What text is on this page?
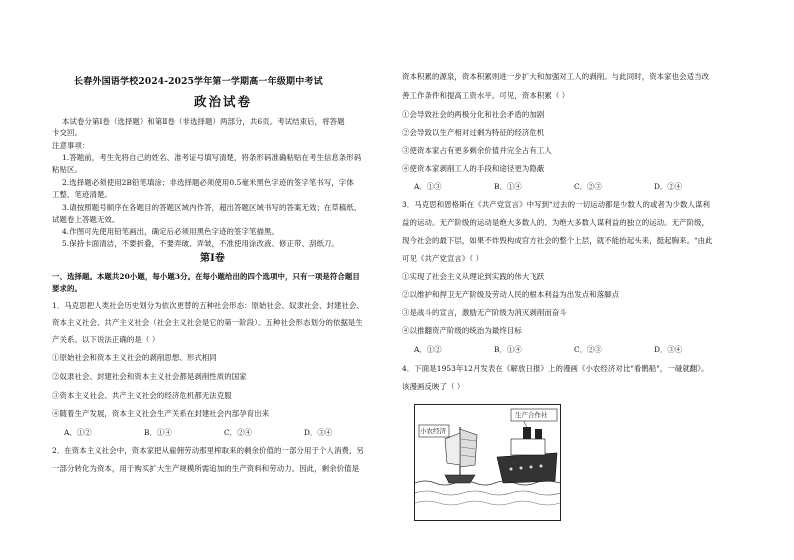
长春外国语学校2024-2025学年第一学期高一年级期中考试
政治试卷
本试卷分第Ⅰ卷（选择题）和第Ⅱ卷（非选择题）两部分，共6页。考试结束后，将答题
卡交回。
注意事项：
1.答题前，考生先将自己的姓名、准考证号填写清楚，将条形码准确粘贴在考生信息条形码
粘贴区。
2.选择题必须使用2B铅笔填涂；非选择题必须使用0.5毫米黑色字迹的签字笔书写，字体
工整、笔迹清楚。
3.请按照题号顺序在各题目的答题区域内作答，超出答题区域书写的答案无效；在草稿纸、
试题卷上答题无效。
4.作图可先使用铅笔画出，确定后必须用黑色字迹的签字笔描黑。
5.保持卡面清洁，不要折叠，不要弄破、弄皱，不准使用涂改液、修正带、刮纸刀。
第Ⅰ卷
一、选择题。本题共20小题，每小题3分。在每小题给出的四个选项中，只有一项是符合题目
要求的。
1．马克思把人类社会历史划分为依次更替的五种社会形态：原始社会、奴隶社会、封建社会、
资本主义社会、共产主义社会（社会主义社会是它的第一阶段）。五种社会形态划分的依据是生
产关系。以下说法正确的是（ ）
①原始社会和资本主义社会的剥削思想、形式相同
②奴隶社会、封建社会和资本主义社会都是剥削性质的国家
③资本主义社会、共产主义社会的经济危机都无法克服
④随着生产发展，资本主义社会生产关系在封建社会内部孕育出来
A．①②	B．①④	C．②④	D．③④
2．在资本主义社会中，资本家把从雇佣劳动那里榨取来的剩余价值的一部分用于个人消费，另
一部分转化为资本，用于购买扩大生产规模所需追加的生产资料和劳动力。因此，剩余价值是
资本积累的源泉，资本积累则进一步扩大和加强对工人的剥削。与此同时，资本家也会适当改
善工作条件和提高工资水平。可见，资本积累（ ）
①会导致社会的两极分化和社会矛盾的加剧
②会导致以生产相对过剩为特征的经济危机
③使资本家占有更多剩余价值并完全占有工人
④使资本家剥削工人的手段和途径更为隐蔽
A．①③	B．①④	C．②③	D．②④
3．马克思和恩格斯在《共产党宣言》中写到"过去的一切运动都是少数人的或者为少数人谋利
益的运动。无产阶级的运动是绝大多数人的、为绝大多数人谋利益的独立的运动。无产阶级，
现今社会的最下层，如果不炸毁构成官方社会的整个上层，就不能抬起头来，挺起胸来。"由此
可见《共产党宣言》（ ）
①实现了社会主义从理论到实践的伟大飞跃
②以维护和捍卫无产阶级及劳动人民的根本利益为出发点和落脚点
③是战斗的宣言，激励无产阶级为消灭剥削而奋斗
④以推翻资产阶级的统治为最终目标
A．①②	B．①④	C．②③	D．③④
4．下面是1953年12月发表在《解放日报》上的漫画《小农经济对比"看鹘船"，一碰就翻》。
该漫画反映了（ ）
小农经济
生产合作社
